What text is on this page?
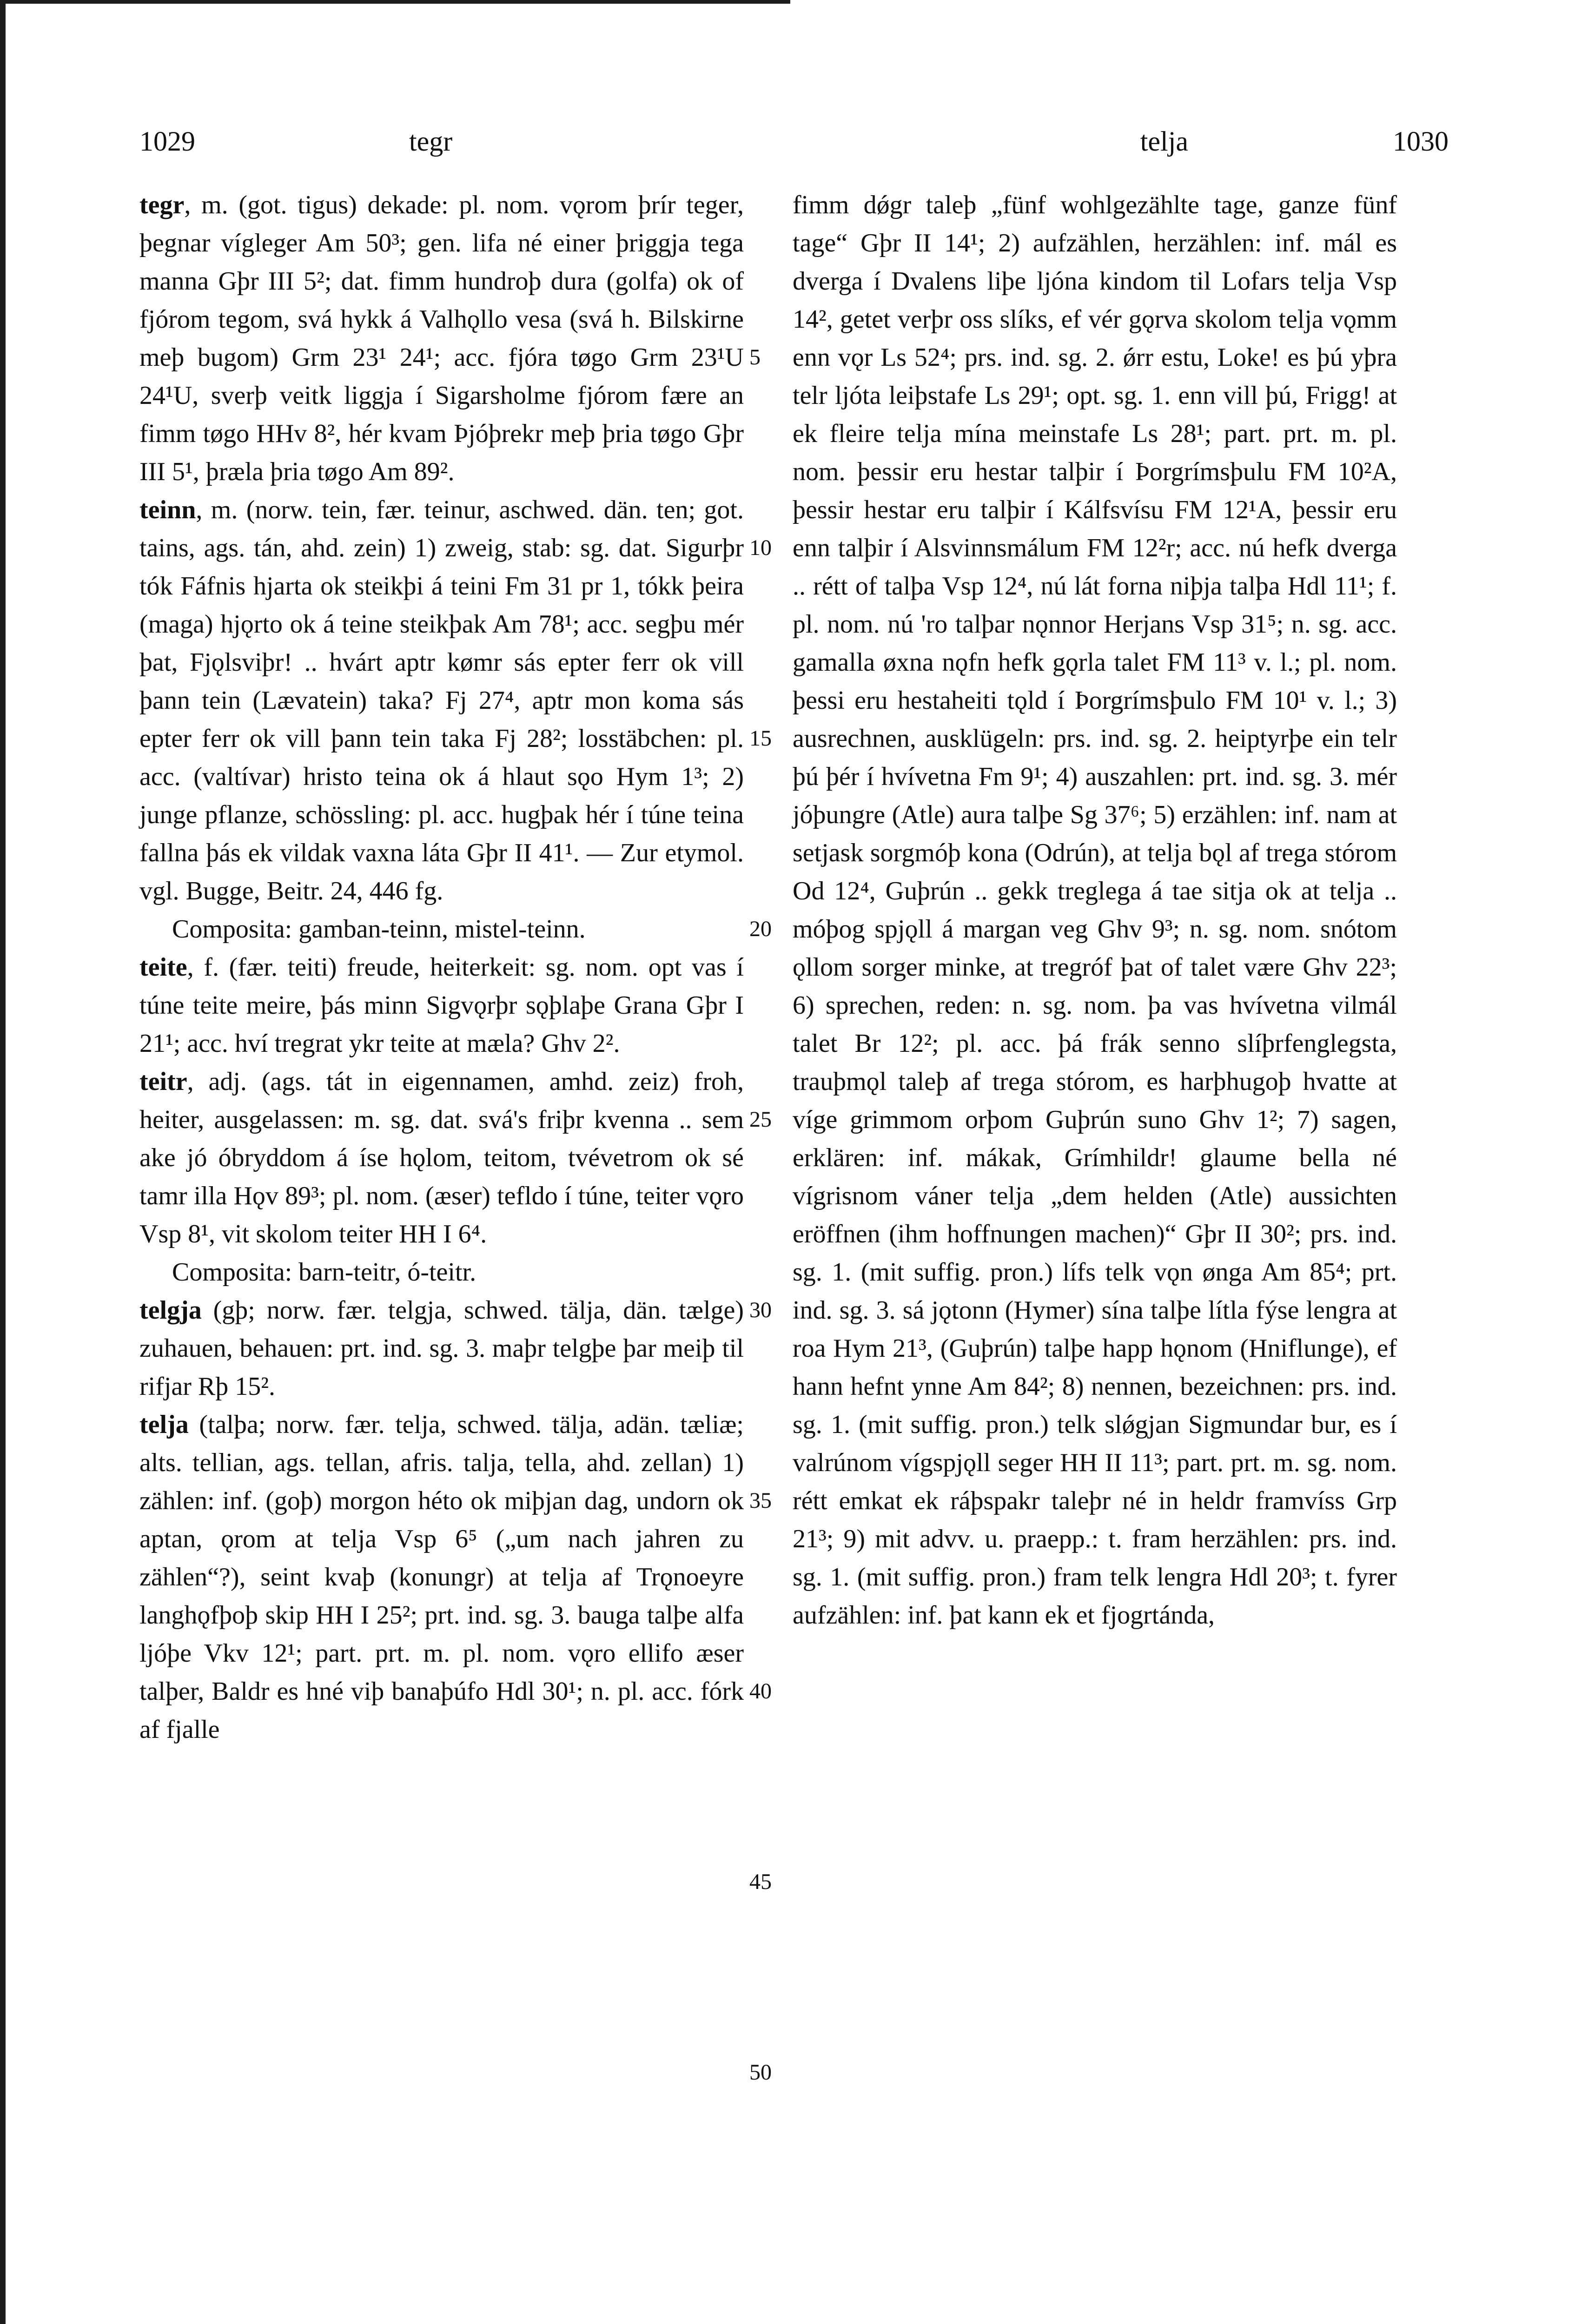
1029	tegr	telja	1030

tegr, m. (got. tigus) dekade: pl. nom. vǫrom þrír teger, þegnar vígleger Am 50³; gen. lifa né einer þriggja tega manna Gþr III 5²; dat. fimm hundroþ dura (golfa) ok of fjórom tegom, svá hykk á Valhǫllo vesa (svá h. Bilskirne meþ bugom) Grm 23¹ 24¹; acc. fjóra tøgo Grm 23¹U 24¹U, sverþ veitk liggja í Sigarsholme fjórom fære an fimm tøgo HHv 8², hér kvam Þjóþrekr meþ þria tøgo Gþr III 5¹, þræla þria tøgo Am 89².

teinn, m. (norw. tein, fær. teinur, aschwed. dän. ten; got. tains, ags. tán, ahd. zein) 1) zweig, stab: sg. dat. Sigurþr tók Fáfnis hjarta ok steikþi á teini Fm 31 pr 1, tókk þeira (maga) hjǫrto ok á teine steikþak Am 78¹; acc. segþu mér þat, Fjǫlsviþr! .. hvárt aptr kømr sás epter ferr ok vill þann tein (Lævatein) taka? Fj 27⁴, aptr mon koma sás epter ferr ok vill þann tein taka Fj 28²; losstäbchen: pl. acc. (valtívar) hristo teina ok á hlaut sǫo Hym 1³; 2) junge pflanze, schössling: pl. acc. hugþak hér í túne teina fallna þás ek vildak vaxna láta Gþr II 41¹. — Zur etymol. vgl. Bugge, Beitr. 24, 446 fg.

Composita: gamban-teinn, mistel-teinn.

teite, f. (fær. teiti) freude, heiterkeit: sg. nom. opt vas í túne teite meire, þás minn Sigvǫrþr sǫþlaþe Grana Gþr I 21¹; acc. hví tregrat ykr teite at mæla? Ghv 2².

teitr, adj. (ags. tát in eigennamen, amhd. zeiz) froh, heiter, ausgelassen: m. sg. dat. svá's friþr kvenna .. sem ake jó óbryddom á íse hǫlom, teitom, tvévetrom ok sé tamr illa Hǫv 89³; pl. nom. (æser) tefldo í túne, teiter vǫro Vsp 8¹, vit skolom teiter HH I 6⁴.

Composita: barn-teitr, ó-teitr.

telgja (gþ; norw. fær. telgja, schwed. tälja, dän. tælge) zuhauen, behauen: prt. ind. sg. 3. maþr telgþe þar meiþ til rifjar Rþ 15².

telja (talþa; norw. fær. telja, schwed. tälja, adän. tæliæ; alts. tellian, ags. tellan, afris. talja, tella, ahd. zellan) 1) zählen: inf. (goþ) morgon héto ok miþjan dag, undorn ok aptan, ǫrom at telja Vsp 6⁵ („um nach jahren zu zählen“?), seint kvaþ (konungr) at telja af Trǫnoeyre langhǫfþoþ skip HH I 25²; prt. ind. sg. 3. bauga talþe alfa ljóþe Vkv 12¹; part. prt. m. pl. nom. vǫro ellifo æser talþer, Baldr es hné viþ banaþúfo Hdl 30¹; n. pl. acc. fórk af fjalle

5
10
15
20
25
30
35
40
45
50

fimm dǿgr taleþ „fünf wohlgezählte tage, ganze fünf tage“ Gþr II 14¹; 2) aufzählen, herzählen: inf. mál es dverga í Dvalens liþe ljóna kindom til Lofars telja Vsp 14², getet verþr oss slíks, ef vér gǫrva skolom telja vǫmm enn vǫr Ls 52⁴; prs. ind. sg. 2. ǿrr estu, Loke! es þú yþra telr ljóta leiþstafe Ls 29¹; opt. sg. 1. enn vill þú, Frigg! at ek fleire telja mína meinstafe Ls 28¹; part. prt. m. pl. nom. þessir eru hestar talþir í Þorgrímsþulu FM 10²A, þessir hestar eru talþir í Kálfsvísu FM 12¹A, þessir eru enn talþir í Alsvinnsmálum FM 12²r; acc. nú hefk dverga .. rétt of talþa Vsp 12⁴, nú lát forna niþja talþa Hdl 11¹; f. pl. nom. nú 'ro talþar nǫnnor Herjans Vsp 31⁵; n. sg. acc. gamalla øxna nǫfn hefk gǫrla talet FM 11³ v. l.; pl. nom. þessi eru hestaheiti tǫld í Þorgrímsþulo FM 10¹ v. l.; 3) ausrechnen, ausklügeln: prs. ind. sg. 2. heiptyrþe ein telr þú þér í hvívetna Fm 9¹; 4) auszahlen: prt. ind. sg. 3. mér jóþungre (Atle) aura talþe Sg 37⁶; 5) erzählen: inf. nam at setjask sorgmóþ kona (Odrún), at telja bǫl af trega stórom Od 12⁴, Guþrún .. gekk treglega á tae sitja ok at telja .. móþog spjǫll á margan veg Ghv 9³; n. sg. nom. snótom ǫllom sorger minke, at tregróf þat of talet være Ghv 22³; 6) sprechen, reden: n. sg. nom. þa vas hvívetna vilmál talet Br 12²; pl. acc. þá frák senno slíþrfenglegsta, trauþmǫl taleþ af trega stórom, es harþhugoþ hvatte at víge grimmom orþom Guþrún suno Ghv 1²; 7) sagen, erklären: inf. mákak, Grímhildr! glaume bella né vígrisnom váner telja „dem helden (Atle) aussichten eröffnen (ihm hoffnungen machen)“ Gþr II 30²; prs. ind. sg. 1. (mit suffig. pron.) lífs telk vǫn ønga Am 85⁴; prt. ind. sg. 3. sá jǫtonn (Hymer) sína talþe lítla fýse lengra at roa Hym 21³, (Guþrún) talþe happ hǫnom (Hniflunge), ef hann hefnt ynne Am 84²; 8) nennen, bezeichnen: prs. ind. sg. 1. (mit suffig. pron.) telk slǿgjan Sigmundar bur, es í valrúnom vígspjǫll seger HH II 11³; part. prt. m. sg. nom. rétt emkat ek ráþspakr taleþr né in heldr framvíss Grp 21³; 9) mit advv. u. praepp.: t. fram herzählen: prs. ind. sg. 1. (mit suffig. pron.) fram telk lengra Hdl 20³; t. fyrer aufzählen: inf. þat kann ek et fjogrtánda,
